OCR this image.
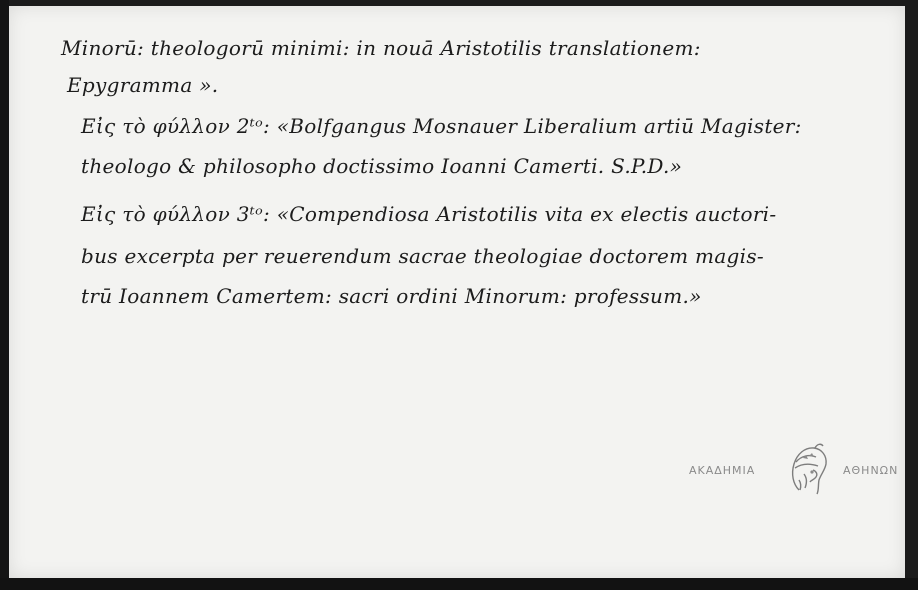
Minorū: theologorū minimi: in nouā Aristotilis translationem:
Epygramma ».
Eἰς τὸ φύλλον 2ᵗᵒ: «Bolfgangus Mosnauer Liberalium artiū Magister:
theologo & philosopho doctissimo Ioanni Camerti. S.P.D.»
Eἰς τὸ φύλλον 3ᵗᵒ: «Compendiosa Aristotilis vita ex electis auctori-
bus excerpta per reuerendum sacrae theologiae doctorem magis-
trū Ioannem Camertem: sacri ordini Minorum: professum.»
ΑΚΑΔΗΜΙΑ	ΑΘΗΝΩΝ
